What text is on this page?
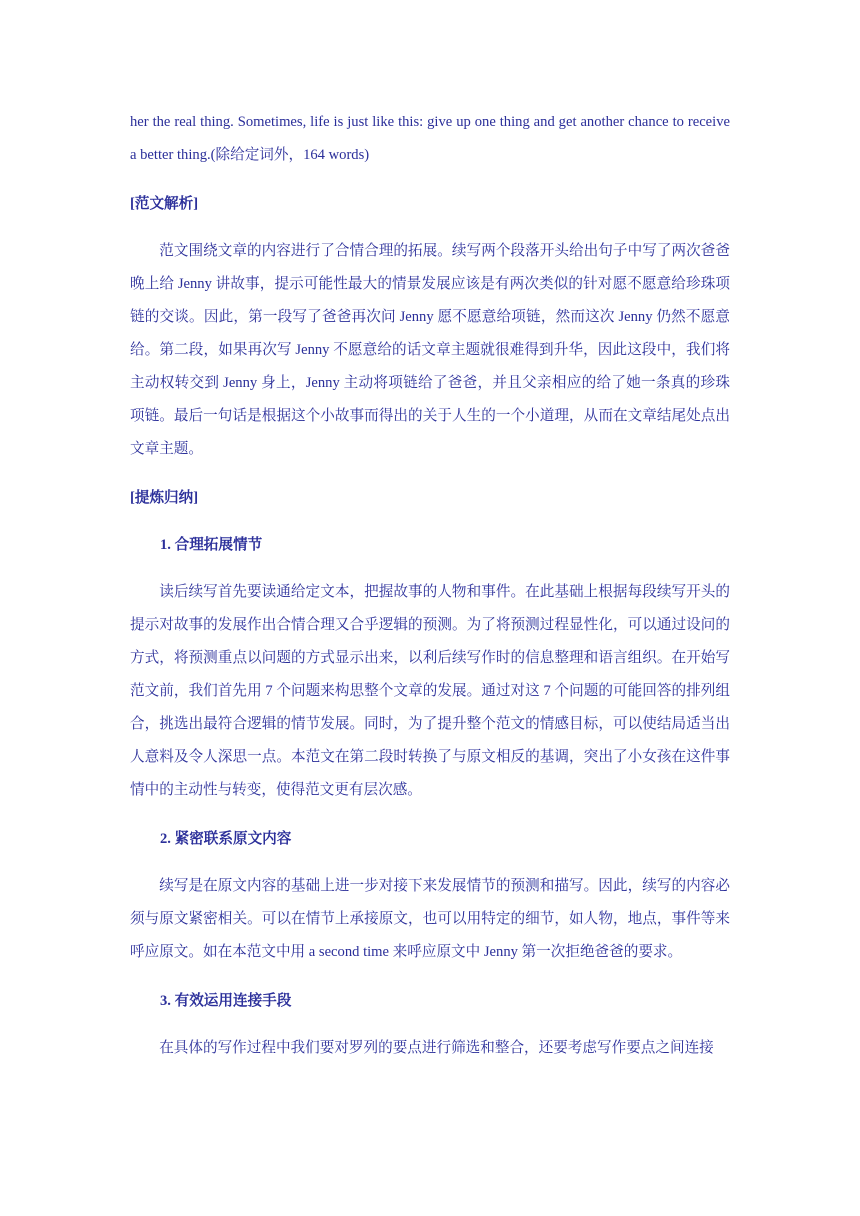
her the real thing. Sometimes, life is just like this: give up one thing and get another chance to receive a better thing.(除给定词外，164 words)

[范文解析]

范文围绕文章的内容进行了合情合理的拓展。续写两个段落开头给出句子中写了两次爸爸晚上给 Jenny 讲故事，提示可能性最大的情景发展应该是有两次类似的针对愿不愿意给珍珠项链的交谈。因此，第一段写了爸爸再次问 Jenny 愿不愿意给项链，然而这次 Jenny 仍然不愿意给。第二段，如果再次写 Jenny 不愿意给的话文章主题就很难得到升华，因此这段中，我们将主动权转交到 Jenny 身上，Jenny 主动将项链给了爸爸，并且父亲相应的给了她一条真的珍珠项链。最后一句话是根据这个小故事而得出的关于人生的一个小道理，从而在文章结尾处点出文章主题。

[提炼归纳]

1. 合理拓展情节

读后续写首先要读通给定文本，把握故事的人物和事件。在此基础上根据每段续写开头的提示对故事的发展作出合情合理又合乎逻辑的预测。为了将预测过程显性化，可以通过设问的方式，将预测重点以问题的方式显示出来，以利后续写作时的信息整理和语言组织。在开始写范文前，我们首先用 7 个问题来构思整个文章的发展。通过对这 7 个问题的可能回答的排列组合，挑选出最符合逻辑的情节发展。同时，为了提升整个范文的情感目标，可以使结局适当出人意料及令人深思一点。本范文在第二段时转换了与原文相反的基调，突出了小女孩在这件事情中的主动性与转变，使得范文更有层次感。

2. 紧密联系原文内容

续写是在原文内容的基础上进一步对接下来发展情节的预测和描写。因此，续写的内容必须与原文紧密相关。可以在情节上承接原文，也可以用特定的细节，如人物，地点，事件等来呼应原文。如在本范文中用 a second time 来呼应原文中 Jenny 第一次拒绝爸爸的要求。

3. 有效运用连接手段

在具体的写作过程中我们要对罗列的要点进行筛选和整合，还要考虑写作要点之间连接
